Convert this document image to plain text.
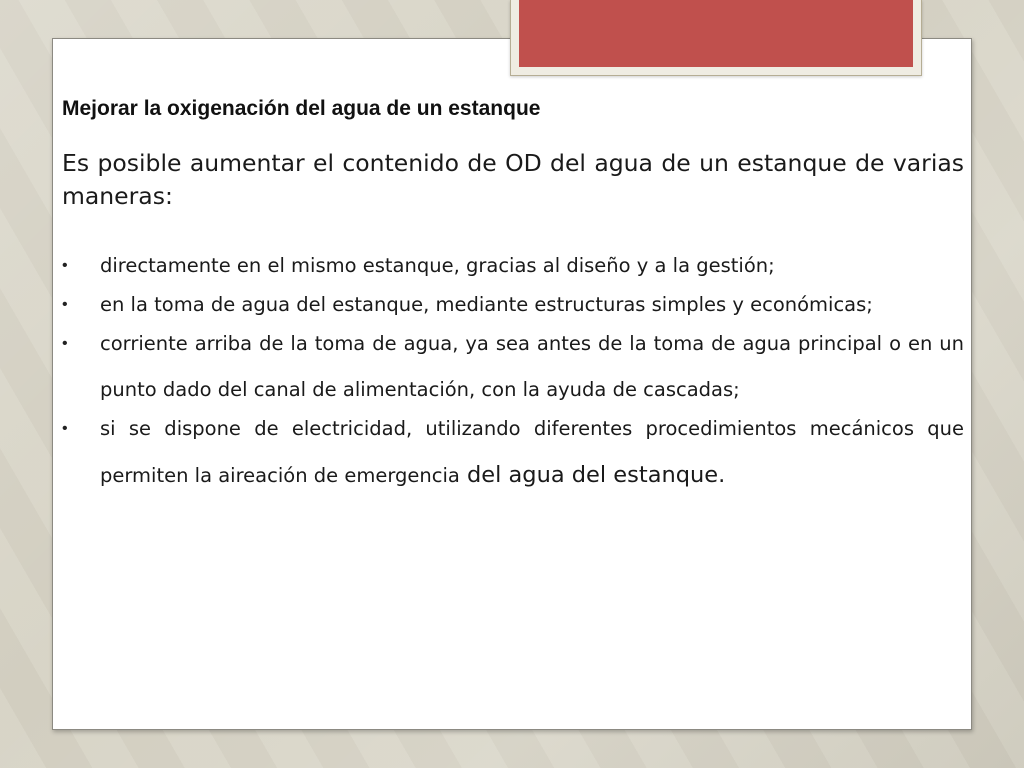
Mejorar la oxigenación del agua de un estanque

Es posible aumentar el contenido de OD del agua de un estanque de varias maneras:

• directamente en el mismo estanque, gracias al diseño y a la gestión;
• en la toma de agua del estanque, mediante estructuras simples y económicas;
• corriente arriba de la toma de agua, ya sea antes de la toma de agua principal o en un punto dado del canal de alimentación, con la ayuda de cascadas;
• si se dispone de electricidad, utilizando diferentes procedimientos mecánicos que permiten la aireación de emergencia del agua del estanque.
